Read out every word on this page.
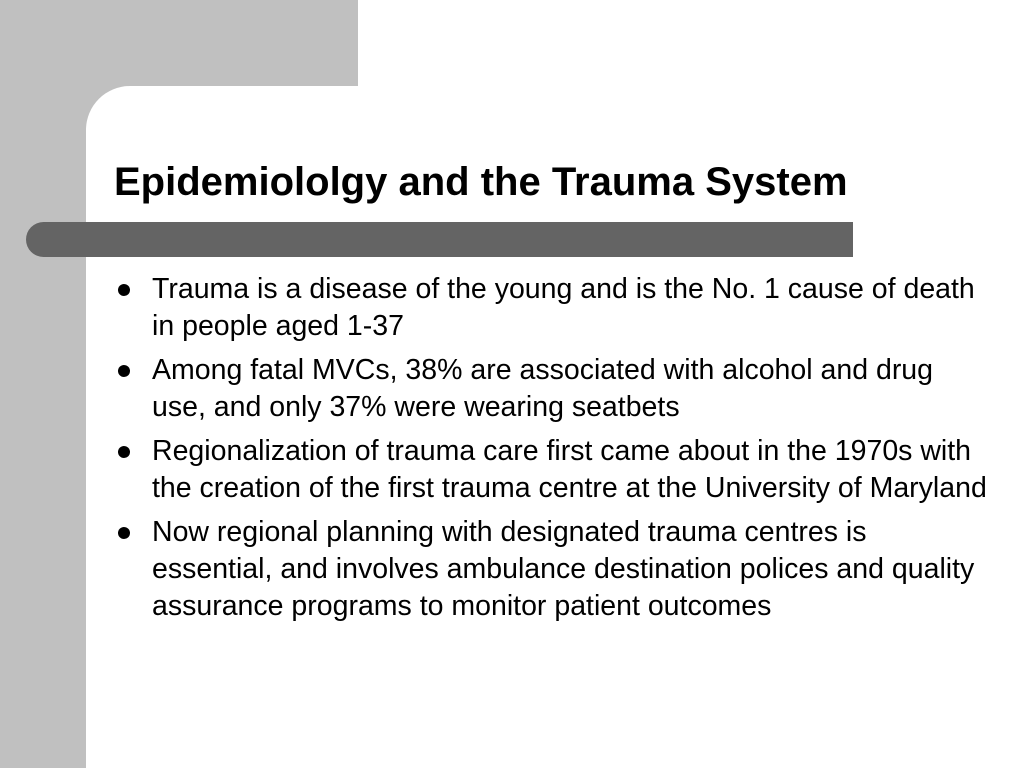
Epidemiololgy and the Trauma System
Trauma is a disease of the young and is the No. 1 cause of death in people aged 1-37
Among fatal MVCs, 38% are associated with alcohol and drug use, and only 37% were wearing seatbets
Regionalization of trauma care first came about in the 1970s with the creation of the first trauma centre at the University of Maryland
Now regional planning with designated trauma centres is essential, and involves ambulance destination polices and quality assurance programs to monitor patient outcomes
